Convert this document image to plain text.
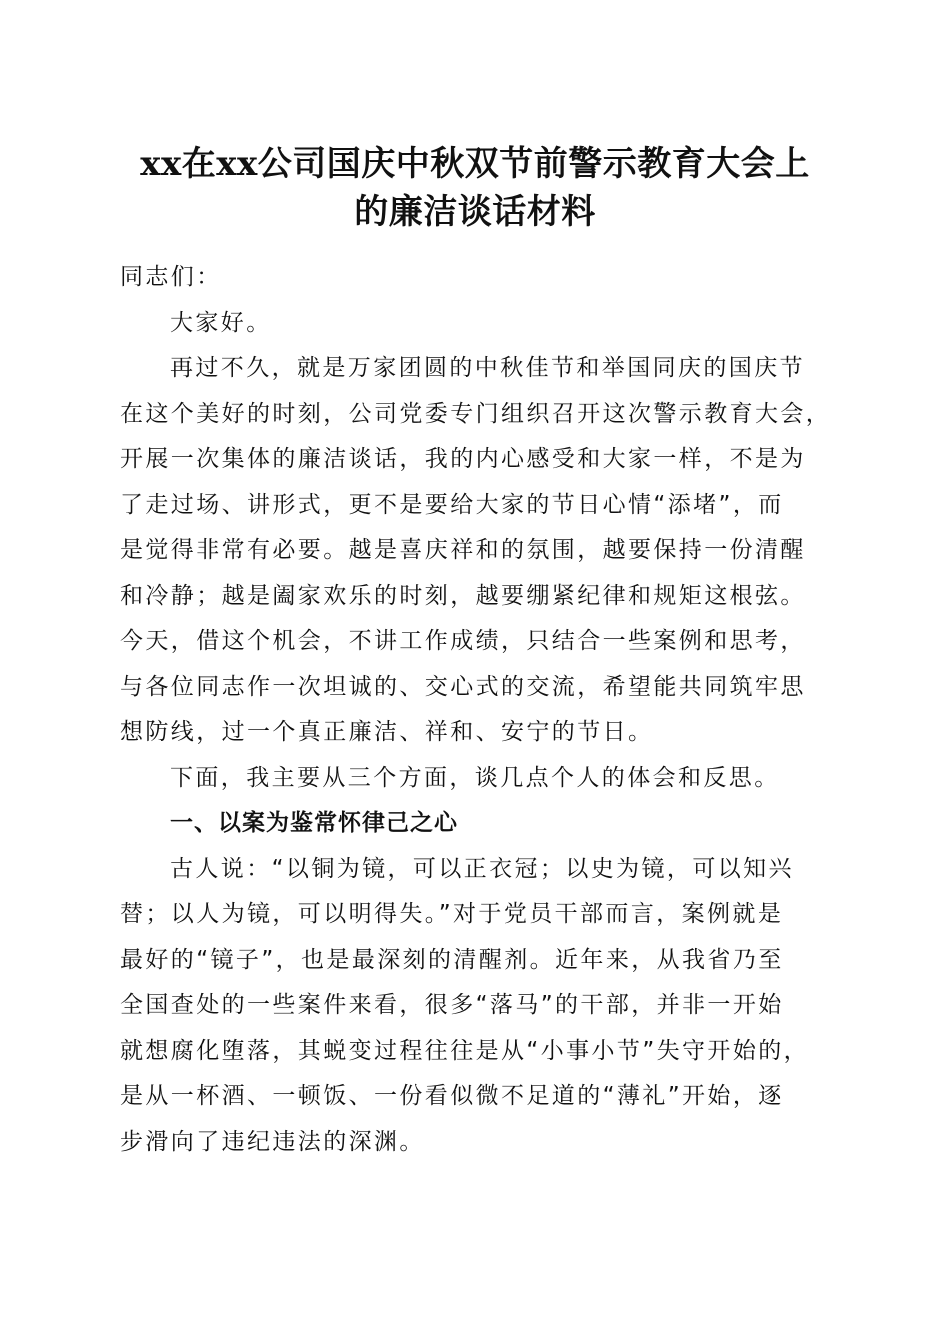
xx在xx公司国庆中秋双节前警示教育大会上
的廉洁谈话材料
同志们：
大家好。
再过不久，就是万家团圆的中秋佳节和举国同庆的国庆节
在这个美好的时刻，公司党委专门组织召开这次警示教育大会，
开展一次集体的廉洁谈话，我的内心感受和大家一样，不是为
了走过场、讲形式，更不是要给大家的节日心情“添堵”，而
是觉得非常有必要。越是喜庆祥和的氛围，越要保持一份清醒
和冷静；越是阖家欢乐的时刻，越要绷紧纪律和规矩这根弦。
今天，借这个机会，不讲工作成绩，只结合一些案例和思考，
与各位同志作一次坦诚的、交心式的交流，希望能共同筑牢思
想防线，过一个真正廉洁、祥和、安宁的节日。
下面，我主要从三个方面，谈几点个人的体会和反思。
一、以案为鉴常怀律己之心
古人说：“以铜为镜，可以正衣冠；以史为镜，可以知兴
替；以人为镜，可以明得失。”对于党员干部而言，案例就是
最好的“镜子”，也是最深刻的清醒剂。近年来，从我省乃至
全国查处的一些案件来看，很多“落马”的干部，并非一开始
就想腐化堕落，其蜕变过程往往是从“小事小节”失守开始的，
是从一杯酒、一顿饭、一份看似微不足道的“薄礼”开始，逐
步滑向了违纪违法的深渊。
